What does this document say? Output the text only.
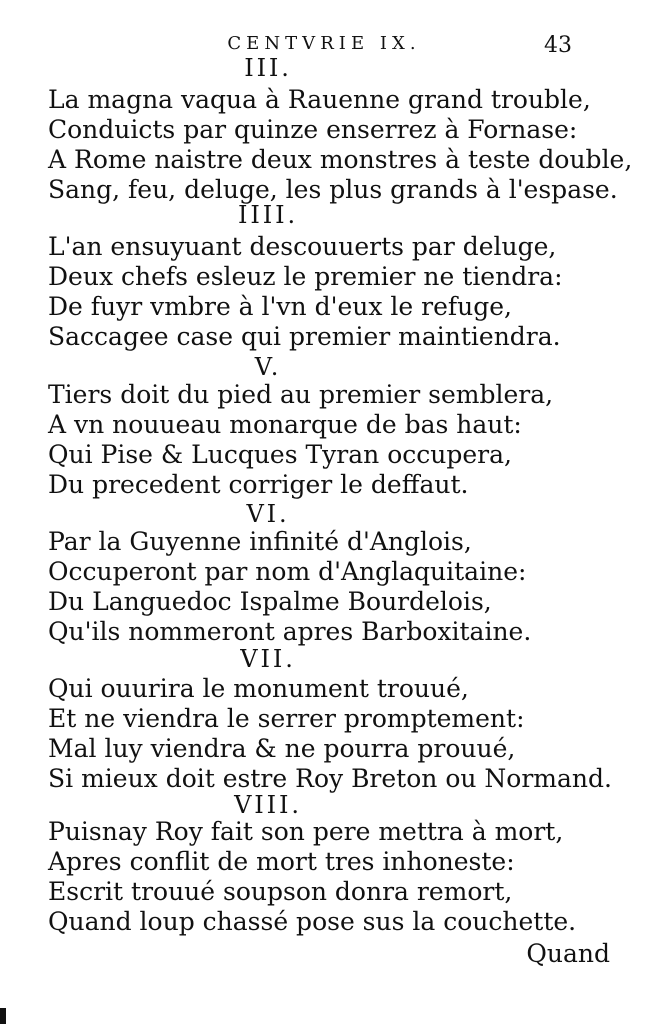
CENTVRIE IX.	43
III.
La magna vaqua à Rauenne grand trouble,
Conduicts par quinze enserrez à Fornase:
A Rome naistre deux monstres à teste double,
Sang, feu, deluge, les plus grands à l'espase.
IIII.
L'an ensuyuant descouuerts par deluge,
Deux chefs esleuz le premier ne tiendra:
De fuyr vmbre à l'vn d'eux le refuge,
Saccagee case qui premier maintiendra.
V.
Tiers doit du pied au premier semblera,
A vn nouueau monarque de bas haut:
Qui Pise & Lucques Tyran occupera,
Du precedent corriger le deffaut.
VI.
Par la Guyenne infinité d'Anglois,
Occuperont par nom d'Anglaquitaine:
Du Languedoc Ispalme Bourdelois,
Qu'ils nommeront apres Barboxitaine.
VII.
Qui ouurira le monument trouué,
Et ne viendra le serrer promptement:
Mal luy viendra & ne pourra prouué,
Si mieux doit estre Roy Breton ou Normand.
VIII.
Puisnay Roy fait son pere mettra à mort,
Apres conflit de mort tres inhoneste:
Escrit trouué soupson donra remort,
Quand loup chassé pose sus la couchette.
Quand
